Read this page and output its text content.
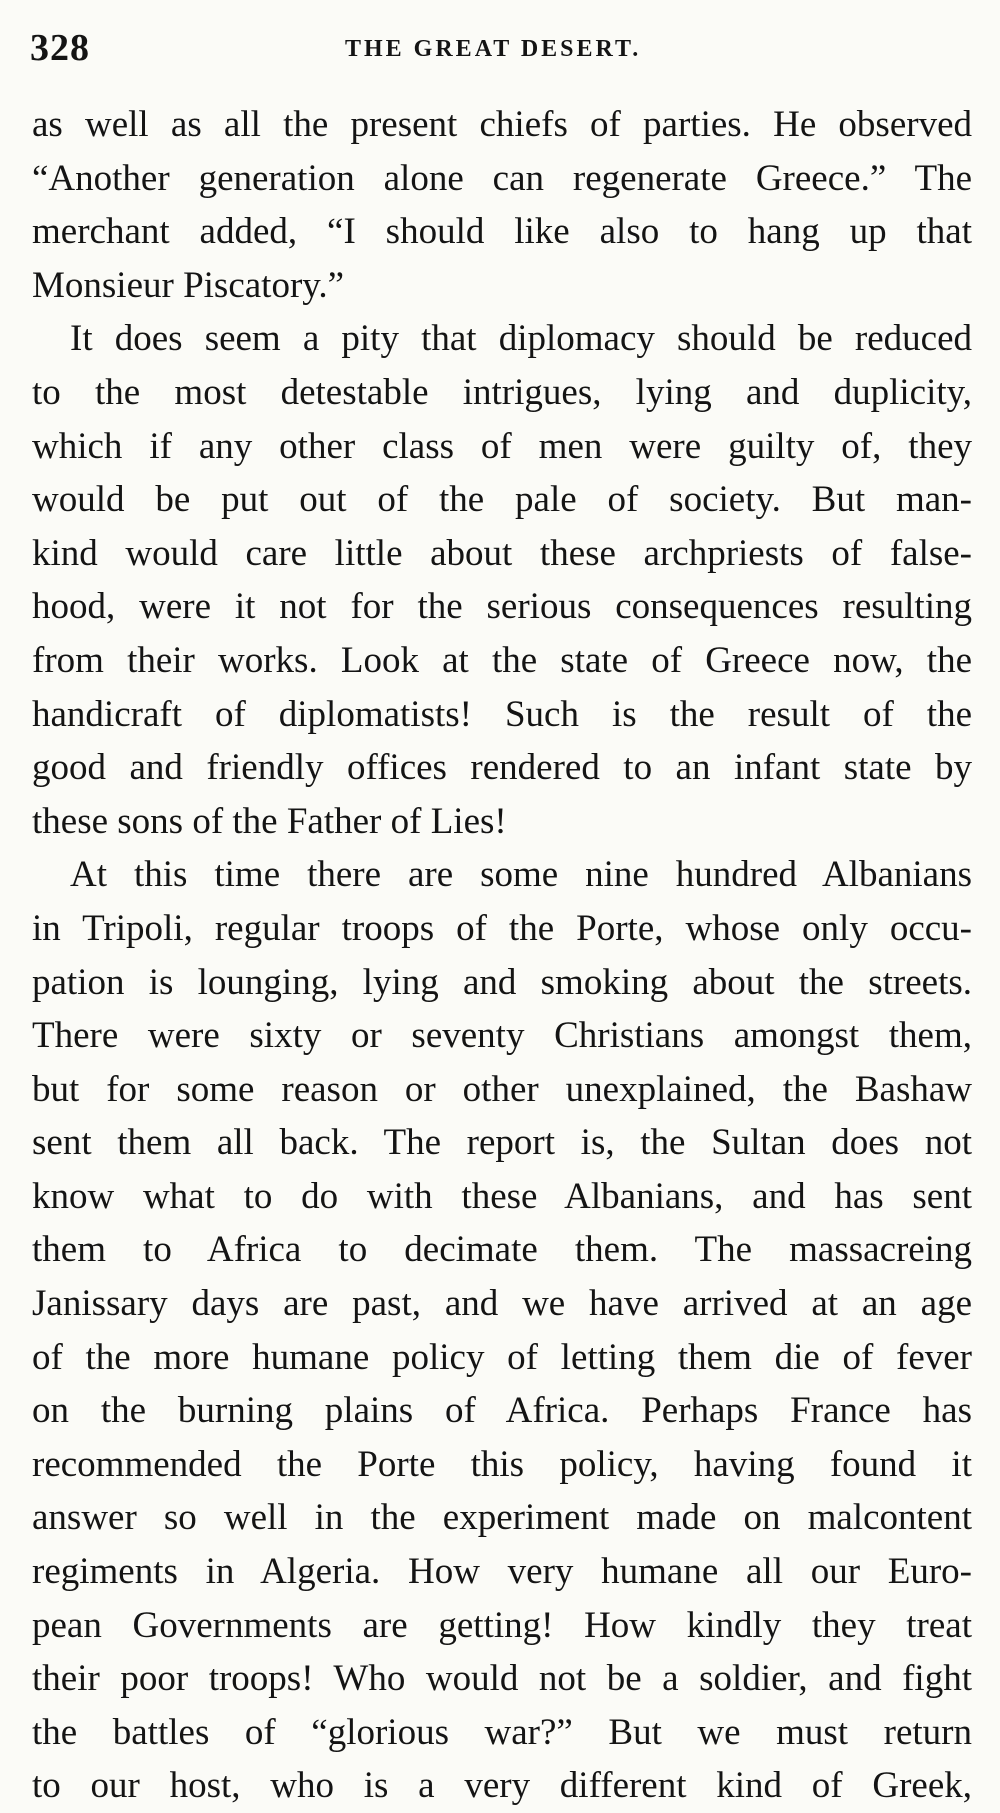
328	THE GREAT DESERT.
as well as all the present chiefs of parties. He observed
“Another generation alone can regenerate Greece.” The
merchant added, “I should like also to hang up that
Monsieur Piscatory.”
It does seem a pity that diplomacy should be reduced
to the most detestable intrigues, lying and duplicity,
which if any other class of men were guilty of, they
would be put out of the pale of society. But man-
kind would care little about these archpriests of false-
hood, were it not for the serious consequences resulting
from their works. Look at the state of Greece now, the
handicraft of diplomatists! Such is the result of the
good and friendly offices rendered to an infant state by
these sons of the Father of Lies!
At this time there are some nine hundred Albanians
in Tripoli, regular troops of the Porte, whose only occu-
pation is lounging, lying and smoking about the streets.
There were sixty or seventy Christians amongst them,
but for some reason or other unexplained, the Bashaw
sent them all back. The report is, the Sultan does not
know what to do with these Albanians, and has sent
them to Africa to decimate them. The massacreing
Janissary days are past, and we have arrived at an age
of the more humane policy of letting them die of fever
on the burning plains of Africa. Perhaps France has
recommended the Porte this policy, having found it
answer so well in the experiment made on malcontent
regiments in Algeria. How very humane all our Euro-
pean Governments are getting! How kindly they treat
their poor troops! Who would not be a soldier, and fight
the battles of “glorious war?” But we must return
to our host, who is a very different kind of Greek,
